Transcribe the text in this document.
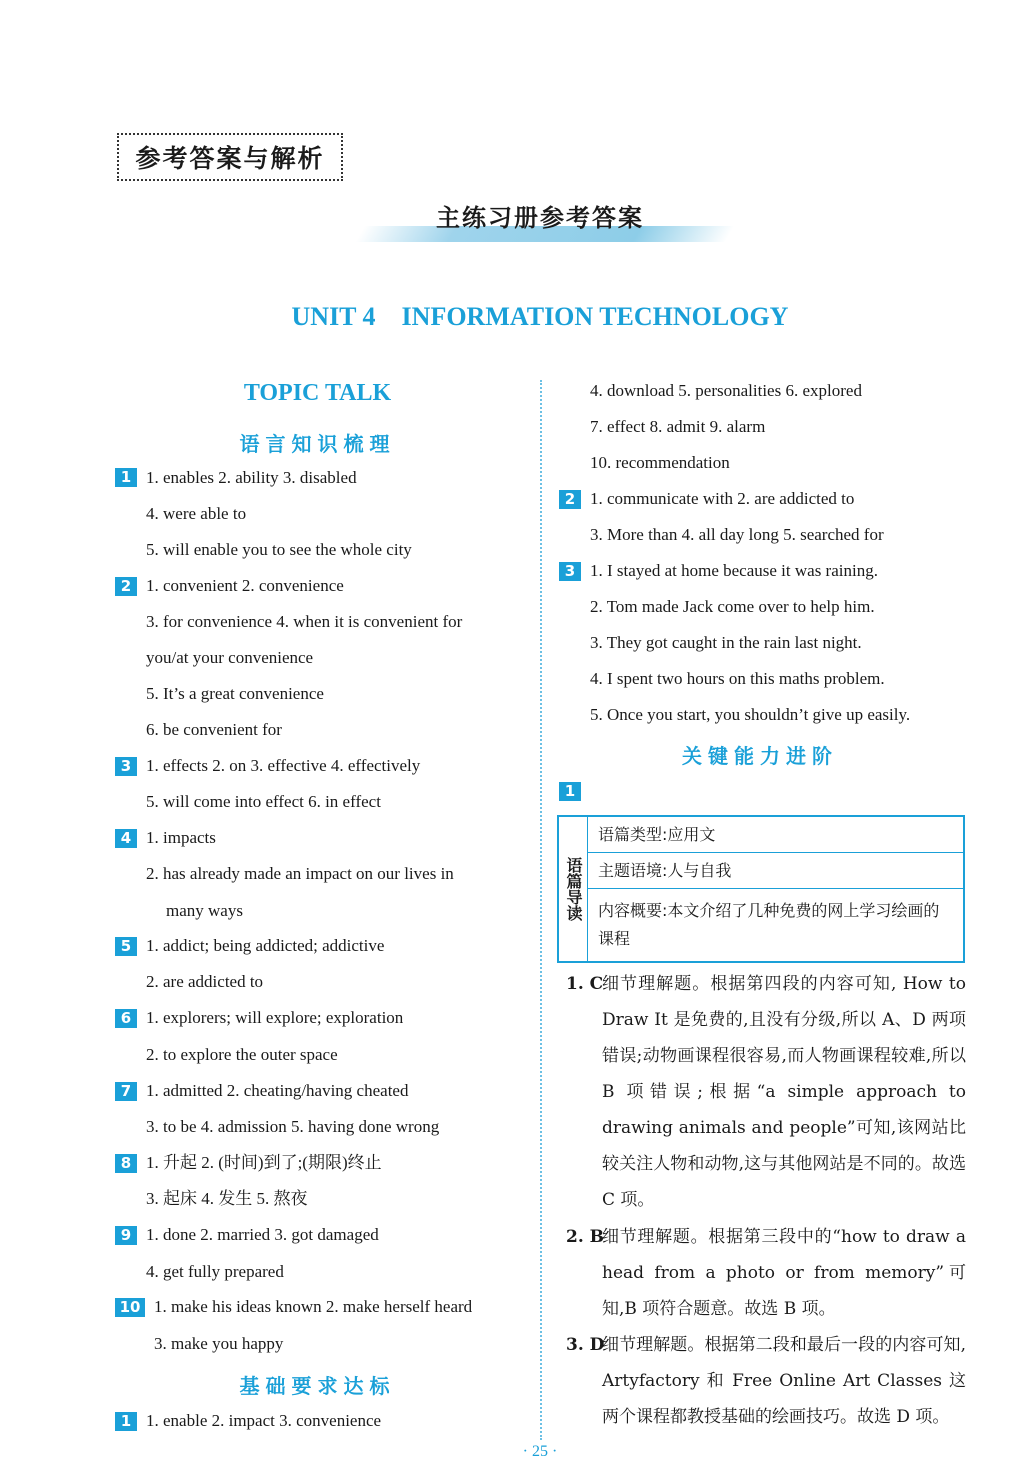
参考答案与解析
主练习册参考答案
UNIT 4    INFORMATION TECHNOLOGY
TOPIC TALK
语言知识梳理
1 1. enables 2. ability 3. disabled
4. were able to
5. will enable you to see the whole city
2 1. convenient 2. convenience
3. for convenience 4. when it is convenient for
you/at your convenience
5. It’s a great convenience
6. be convenient for
3 1. effects 2. on 3. effective 4. effectively
5. will come into effect 6. in effect
4 1. impacts
2. has already made an impact on our lives in
many ways
5 1. addict; being addicted; addictive
2. are addicted to
6 1. explorers; will explore; exploration
2. to explore the outer space
7 1. admitted 2. cheating/having cheated
3. to be 4. admission 5. having done wrong
8 1. 升起 2. (时间)到了;(期限)终止
3. 起床 4. 发生 5. 熬夜
9 1. done 2. married 3. got damaged
4. get fully prepared
10 1. make his ideas known 2. make herself heard
3. make you happy
基础要求达标
1 1. enable 2. impact 3. convenience
4. download 5. personalities 6. explored
7. effect 8. admit 9. alarm
10. recommendation
2 1. communicate with 2. are addicted to
3. More than 4. all day long 5. searched for
3 1. I stayed at home because it was raining.
2. Tom made Jack come over to help him.
3. They got caught in the rain last night.
4. I spent two hours on this maths problem.
5. Once you start, you shouldn’t give up easily.
关键能力进阶
1
语篇导读
语篇类型:应用文
主题语境:人与自我
内容概要:本文介绍了几种免费的网上学习绘画的课程
1. C
细节理解题。根据第四段的内容可知, How to Draw It 是免费的,且没有分级,所以 A、D 两项错误;动物画课程很容易,而人物画课程较难,所以 B 项错误;根据“a simple approach to drawing animals and people”可知,该网站比较关注人物和动物,这与其他网站是不同的。故选 C 项。
2. B
细节理解题。根据第三段中的“how to draw a head from a photo or from memory”可知,B 项符合题意。故选 B 项。
3. D
细节理解题。根据第二段和最后一段的内容可知, Artyfactory 和 Free Online Art Classes 这两个课程都教授基础的绘画技巧。故选 D 项。
· 25 ·
